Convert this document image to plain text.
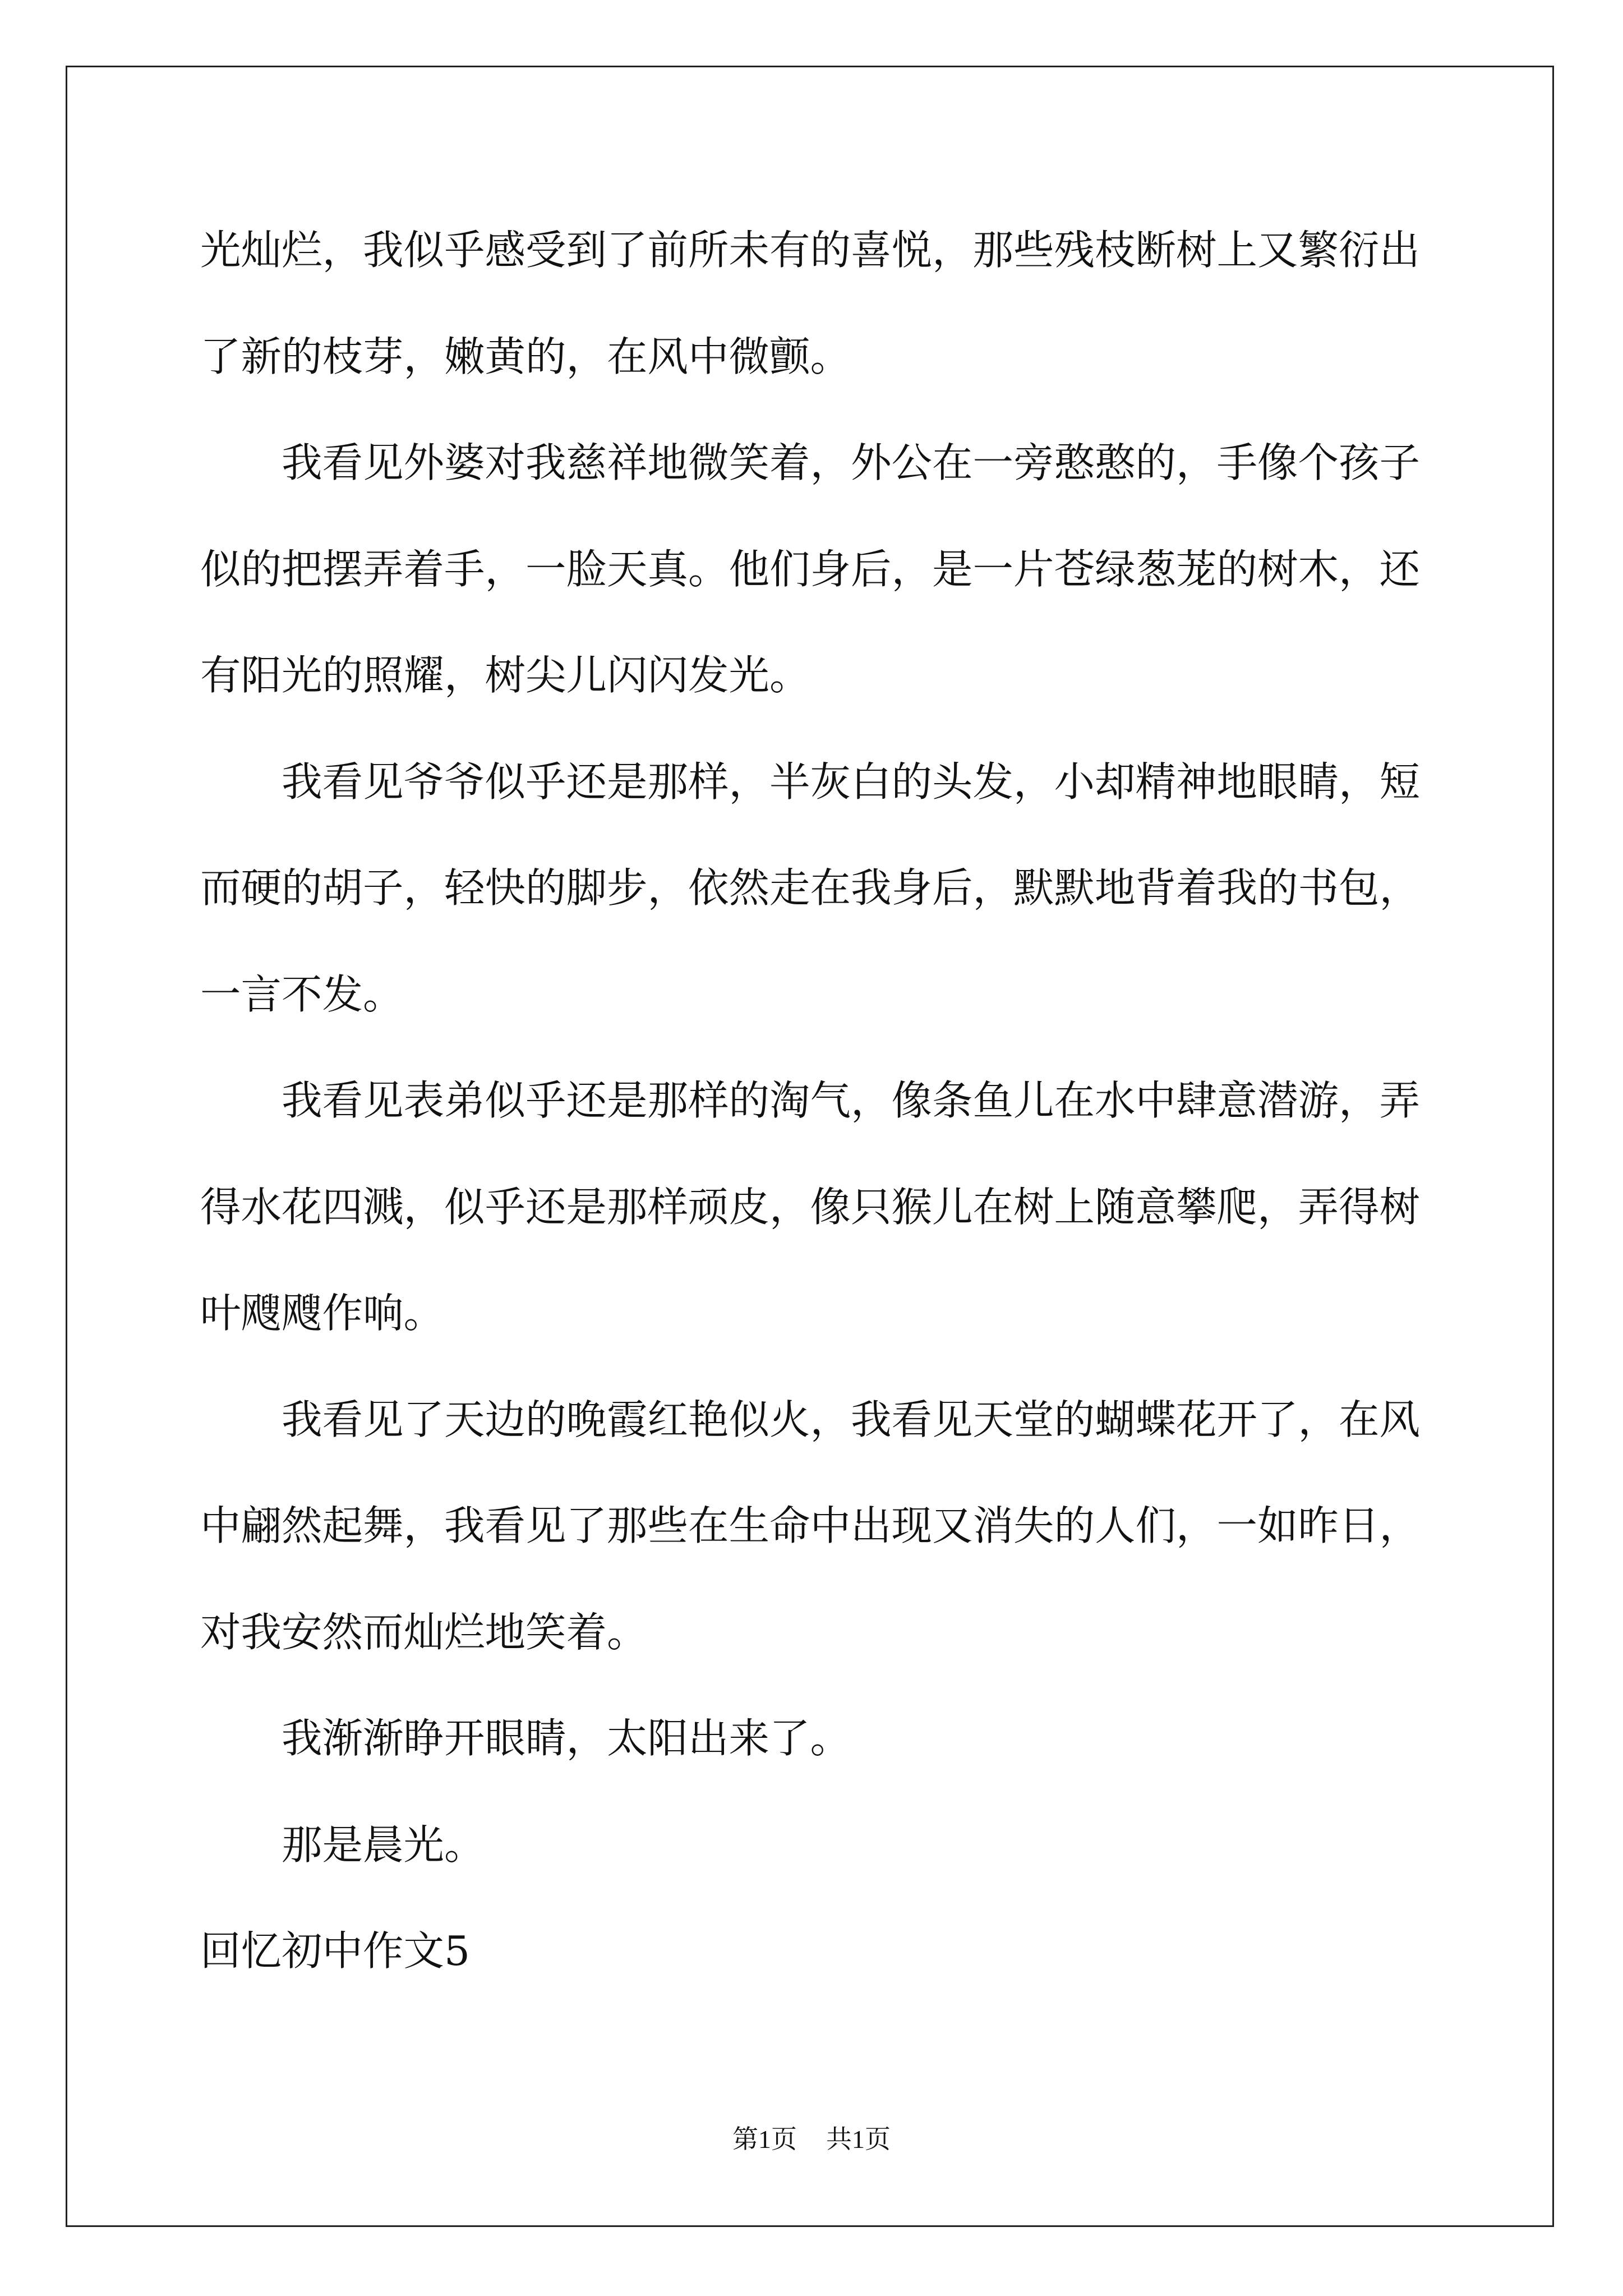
光灿烂，我似乎感受到了前所未有的喜悦，那些残枝断树上又繁衍出
了新的枝芽，嫩黄的，在风中微颤。
我看见外婆对我慈祥地微笑着，外公在一旁憨憨的，手像个孩子
似的把摆弄着手，一脸天真。他们身后，是一片苍绿葱茏的树木，还
有阳光的照耀，树尖儿闪闪发光。
我看见爷爷似乎还是那样，半灰白的头发，小却精神地眼睛，短
而硬的胡子，轻快的脚步，依然走在我身后，默默地背着我的书包，
一言不发。
我看见表弟似乎还是那样的淘气，像条鱼儿在水中肆意潜游，弄
得水花四溅，似乎还是那样顽皮，像只猴儿在树上随意攀爬，弄得树
叶飕飕作响。
我看见了天边的晚霞红艳似火，我看见天堂的蝴蝶花开了，在风
中翩然起舞，我看见了那些在生命中出现又消失的人们，一如昨日，
对我安然而灿烂地笑着。
我渐渐睁开眼睛，太阳出来了。
那是晨光。
回忆初中作文5
第1页 共1页
